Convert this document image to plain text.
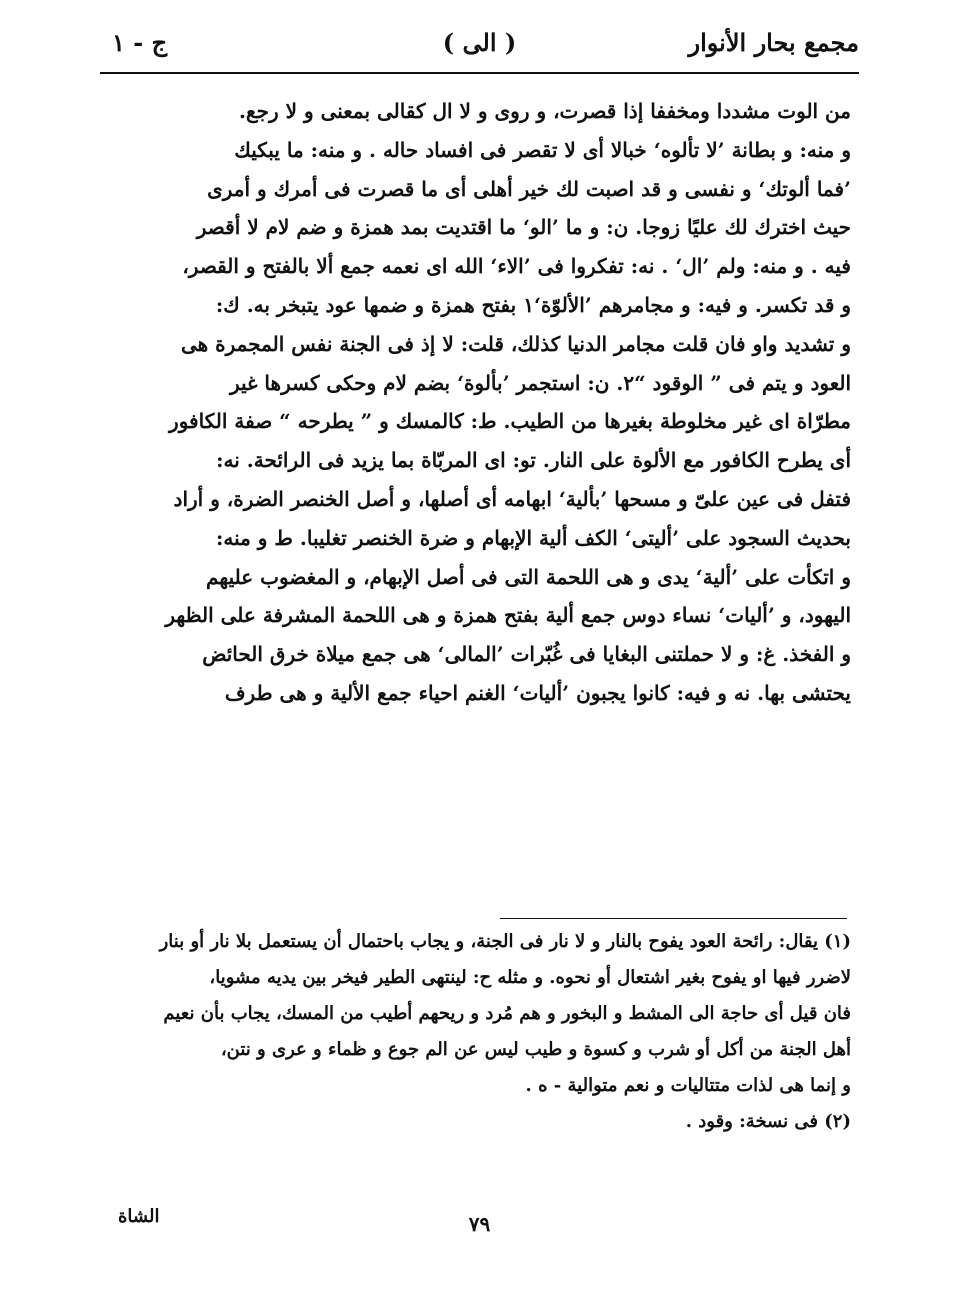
مجمع بحار الأنوار
( الى )
ج - ١
من الوت مشددا ومخففا إذا قصرت، و روى و لا ال كقالى بمعنى و لا رجع.
و منه: و بطانة ’لا تألوه‘ خبالا أى لا تقصر فى افساد حاله . و منه: ما يبكيك
’فما ألوتك‘ و نفسى و قد اصبت لك خير أهلى أى ما قصرت فى أمرك و أمرى
حيث اخترك لك عليًا زوجا. ن: و ما ’الو‘ ما اقتديت بمد همزة و ضم لام لا أقصر
فيه . و منه: ولم ’ال‘ . نه: تفكروا فى ’الاء‘ الله اى نعمه جمع ألا بالفتح و القصر،
و قد تكسر. و فيه: و مجامرهم ’الألوّة‘١ بفتح همزة و ضمها عود يتبخر به. ك:
و تشديد واو فان قلت مجامر الدنيا كذلك، قلت: لا إذ فى الجنة نفس المجمرة هى
العود و يتم فى ” الوقود “٢. ن: استجمر ’بألوة‘ بضم لام وحكى كسرها غير
مطرّاة اى غير مخلوطة بغيرها من الطيب. ط: كالمسك و ” يطرحه “ صفة الكافور
أى يطرح الكافور مع الألوة على النار. تو: اى المربّاة بما يزيد فى الرائحة. نه:
فتفل فى عين علىّ و مسحها ’بألية‘ ابهامه أى أصلها، و أصل الخنصر الضرة، و أراد
بحديث السجود على ’أليتى‘ الكف ألية الإبهام و ضرة الخنصر تغليبا. ط و منه:
و اتكأت على ’ألية‘ يدى و هى اللحمة التى فى أصل الإبهام، و المغضوب عليهم
اليهود، و ’أليات‘ نساء دوس جمع ألية بفتح همزة و هى اللحمة المشرفة على الظهر
و الفخذ. غ: و لا حملتنى البغايا فى غُبّرات ’المالى‘ هى جمع ميلاة خرق الحائض
يحتشى بها. نه و فيه: كانوا يجبون ’أليات‘ الغنم احياء جمع الألية و هى طرف
(١) يقال: رائحة العود يفوح بالنار و لا نار فى الجنة، و يجاب باحتمال أن يستعمل بلا نار أو بنار
لاضرر فيها او يفوح بغير اشتعال أو نحوه. و مثله ح: لينتهى الطير فيخر بين يديه مشويا،
فان قيل أى حاجة الى المشط و البخور و هم مُرد و ريحهم أطيب من المسك، يجاب بأن نعيم
أهل الجنة من أكل أو شرب و كسوة و طيب ليس عن الم جوع و ظماء و عرى و نتن،
و إنما هى لذات متتاليات و نعم متوالية - ه .
(٢) فى نسخة: وقود .
الشاة	٧٩
